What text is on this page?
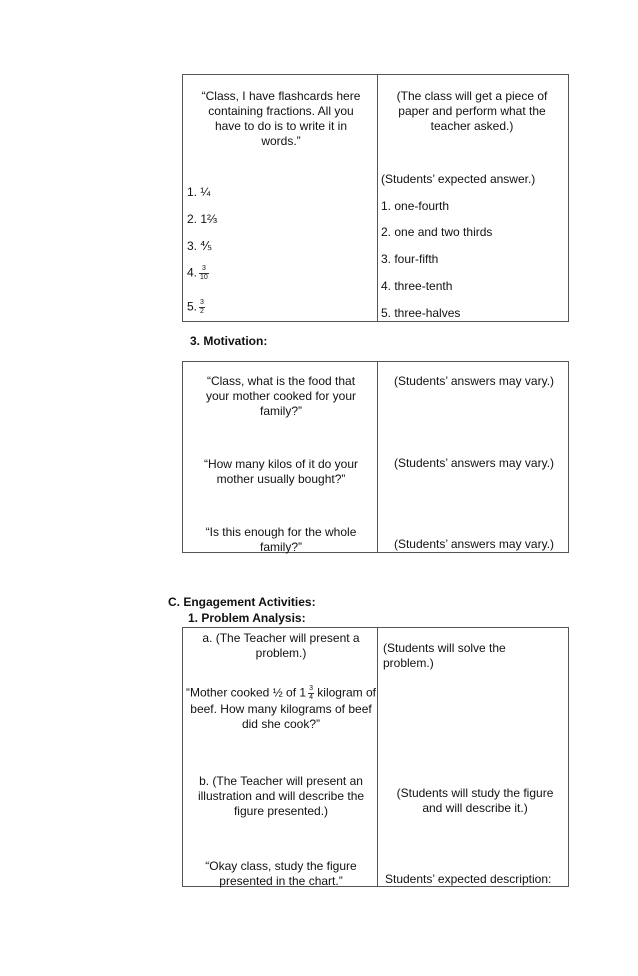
“Class, I have flashcards here containing fractions. All you have to do is to write it in words.”
1. ¼
2. 1⅔
3. ⅘
4. $\frac{3}{10}$
5. $\frac{3}{2}$
(The class will get a piece of paper and perform what the teacher asked.)
(Students’ expected answer.)
1. one-fourth
2. one and two thirds
3. four-fifth
4. three-tenth
5. three-halves
3. Motivation:
“Class, what is the food that your mother cooked for your family?”
“How many kilos of it do your mother usually bought?”
“Is this enough for the whole family?”
(Students’ answers may vary.)
(Students’ answers may vary.)
(Students’ answers may vary.)
C. Engagement Activities:
1. Problem Analysis:
a. (The Teacher will present a problem.)
“Mother cooked ½ of $1 \frac{3}{4}$ kilogram of beef. How many kilograms of beef did she cook?”
b. (The Teacher will present an illustration and will describe the figure presented.)
“Okay class, study the figure presented in the chart.”
(Students will solve the problem.)
(Students will study the figure and will describe it.)
Students’ expected description:
